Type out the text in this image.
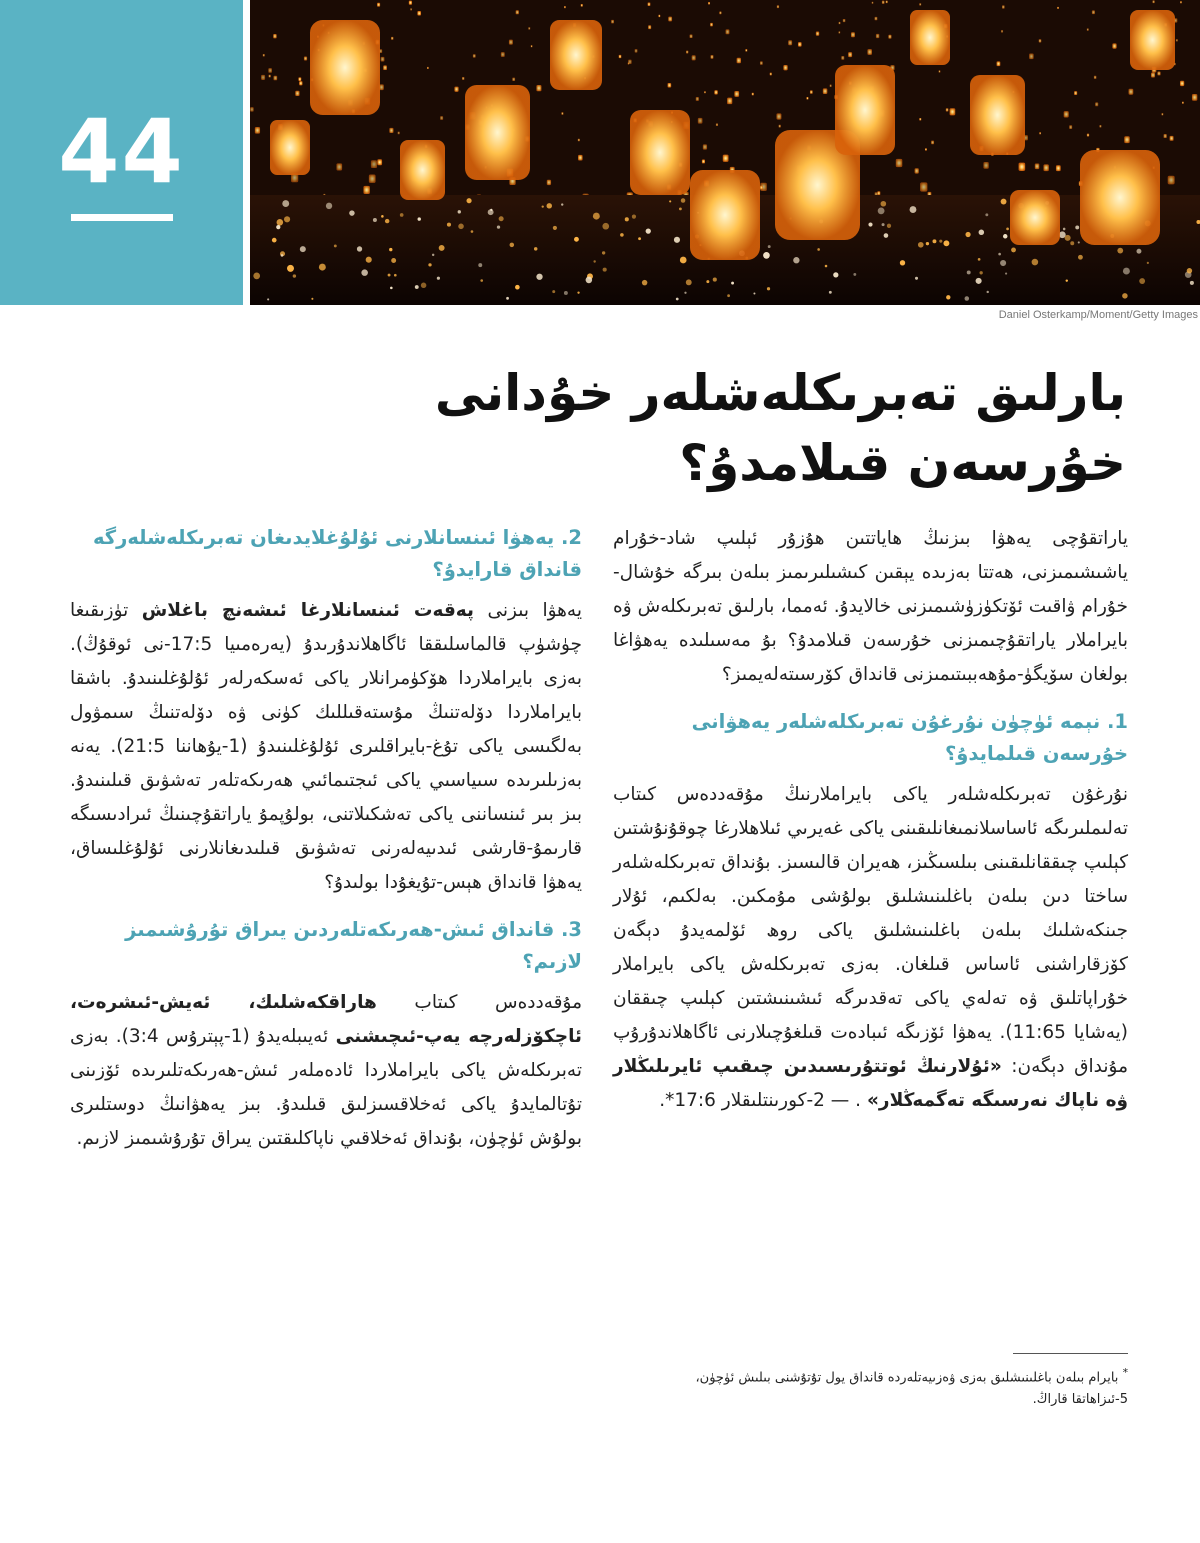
44
Daniel Osterkamp/Moment/Getty Images
بارلىق تەبرىكلەشلەر خۇدانى
خۇرسەن قىلامدۇ؟

ياراتقۇچى يەھۋا بىزنىڭ ھاياتتىن ھۇزۇر ئېلىپ شاد-خۇرام ياشىشىمىزنى، ھەتتا بەزىدە يېقىن كىشىلىرىمىز بىلەن بىرگە خۇشال-خۇرام ۋاقىت ئۆتكۈزۈشىمىزنى خالايدۇ. ئەمما، بارلىق تەبرىكلەش ۋە بايراملار ياراتقۇچىمىزنى خۇرسەن قىلامدۇ؟ بۇ مەسىلىدە يەھۋاغا بولغان سۆيگۈ-مۇھەببىتىمىزنى قانداق كۆرسىتەلەيمىز؟

1. نېمە ئۈچۈن نۇرغۇن تەبرىكلەشلەر يەھۋانى خۇرسەن قىلمايدۇ؟

نۇرغۇن تەبرىكلەشلەر ياكى بايراملارنىڭ مۇقەددەس كىتاب تەلىملىرىگە ئاساسلانمىغانلىقىنى ياكى غەيرىي ئىلاھلارغا چوقۇنۇشتىن كېلىپ چىققانلىقىنى بىلسىڭىز، ھەيران قالىسىز. بۇنداق تەبرىكلەشلەر ساختا دىن بىلەن باغلىنىشلىق بولۇشى مۇمكىن. بەلكىم، ئۇلار جىنكەشلىك بىلەن باغلىنىشلىق ياكى روھ ئۆلمەيدۇ دېگەن كۆزقاراشنى ئاساس قىلغان. بەزى تەبرىكلەش ياكى بايراملار خۇراپاتلىق ۋە تەلەي ياكى تەقدىرگە ئىشىنىشتىن كېلىپ چىققان (يەشايا 11:65). يەھۋا ئۆزىگە ئىبادەت قىلغۇچىلارنى ئاگاھلاندۇرۇپ مۇنداق دېگەن: «ئۇلارنىڭ ئوتتۇرىسىدىن چىقىپ ئايرىلىڭلار ۋە ناپاك نەرسىگە تەگمەڭلار» . — 2-كورىنتلىقلار 17:6*.

2. يەھۋا ئىنسانلارنى ئۇلۇغلايدىغان تەبرىكلەشلەرگە قانداق قارايدۇ؟

يەھۋا بىزنى پەقەت ئىنسانلارغا ئىشەنچ باغلاش تۈزىقىغا چۈشۈپ قالماسلىققا ئاگاھلاندۇرىدۇ (يەرەمىيا 17:5-نى ئوقۇڭ). بەزى بايراملاردا ھۆكۈمرانلار ياكى ئەسكەرلەر ئۇلۇغلىنىدۇ. باشقا بايراملاردا دۆلەتنىڭ مۇستەقىللىك كۈنى ۋە دۆلەتنىڭ سىمۋول بەلگىسى ياكى تۇغ-بايراقلىرى ئۇلۇغلىنىدۇ (1-يۇھاننا 21:5). يەنە بەزىلىرىدە سىياسىي ياكى ئىجتىمائىي ھەرىكەتلەر تەشۋىق قىلىنىدۇ. بىز بىر ئىنساننى ياكى تەشكىلاتنى، بولۇپمۇ ياراتقۇچىنىڭ ئىرادىسىگە قارىمۇ-قارشى ئىدىيەلەرنى تەشۋىق قىلىدىغانلارنى ئۇلۇغلىساق، يەھۋا قانداق ھېس-تۇيغۇدا بولىدۇ؟

3. قانداق ئىش-ھەرىكەتلەردىن يىراق تۇرۇشىمىز لازىم؟

مۇقەددەس كىتاب ھاراقكەشلىك، ئەيش-ئىشرەت، ئاچكۆزلەرچە يەپ-ئىچىشنى ئەيىبلەيدۇ (1-پېترۇس 3:4). بەزى تەبرىكلەش ياكى بايراملاردا ئادەملەر ئىش-ھەرىكەتلىرىدە ئۆزىنى تۇتالمايدۇ ياكى ئەخلاقسىزلىق قىلىدۇ. بىز يەھۋانىڭ دوستلىرى بولۇش ئۈچۈن، بۇنداق ئەخلاقىي ناپاكلىقتىن يىراق تۇرۇشىمىز لازىم.

* بايرام بىلەن باغلىنىشلىق بەزى ۋەزىيەتلەردە قانداق يول تۇتۇشنى بىلىش ئۈچۈن،
5-ئىزاھاتقا قاراڭ.
